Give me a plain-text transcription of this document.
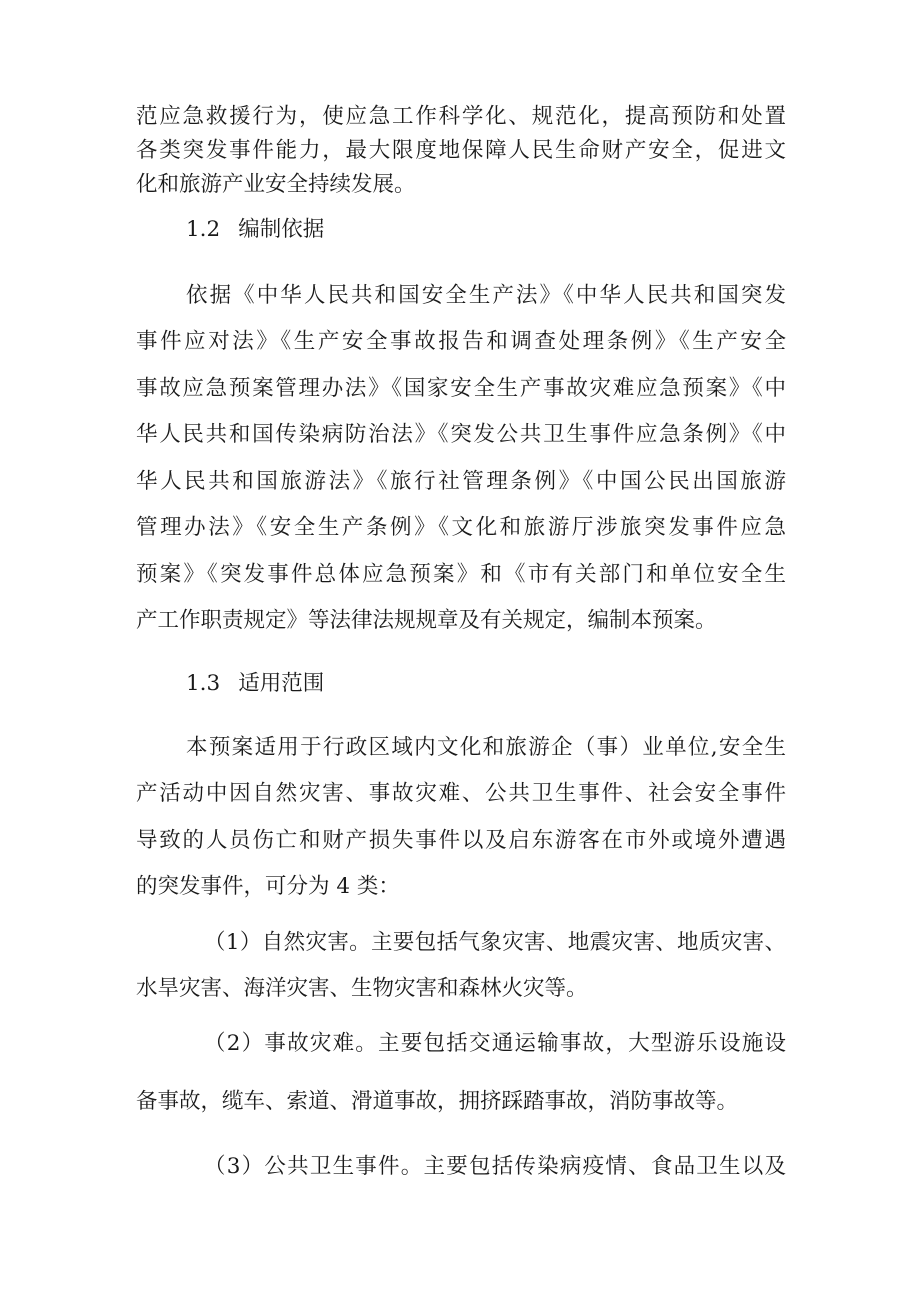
范应急救援行为，使应急工作科学化、规范化，提高预防和处置
各类突发事件能力，最大限度地保障人民生命财产安全，促进文
化和旅游产业安全持续发展。
1.2 编制依据
依据《中华人民共和国安全生产法》《中华人民共和国突发
事件应对法》《生产安全事故报告和调查处理条例》《生产安全
事故应急预案管理办法》《国家安全生产事故灾难应急预案》《中
华人民共和国传染病防治法》《突发公共卫生事件应急条例》《中
华人民共和国旅游法》《旅行社管理条例》《中国公民出国旅游
管理办法》《安全生产条例》《文化和旅游厅涉旅突发事件应急
预案》《突发事件总体应急预案》和《市有关部门和单位安全生
产工作职责规定》等法律法规规章及有关规定，编制本预案。
1.3 适用范围
本预案适用于行政区域内文化和旅游企（事）业单位,安全生
产活动中因自然灾害、事故灾难、公共卫生事件、社会安全事件
导致的人员伤亡和财产损失事件以及启东游客在市外或境外遭遇
的突发事件，可分为 4 类：
（1）自然灾害。主要包括气象灾害、地震灾害、地质灾害、
水旱灾害、海洋灾害、生物灾害和森林火灾等。
（2）事故灾难。主要包括交通运输事故，大型游乐设施设
备事故，缆车、索道、滑道事故，拥挤踩踏事故，消防事故等。
（3）公共卫生事件。主要包括传染病疫情、食品卫生以及
